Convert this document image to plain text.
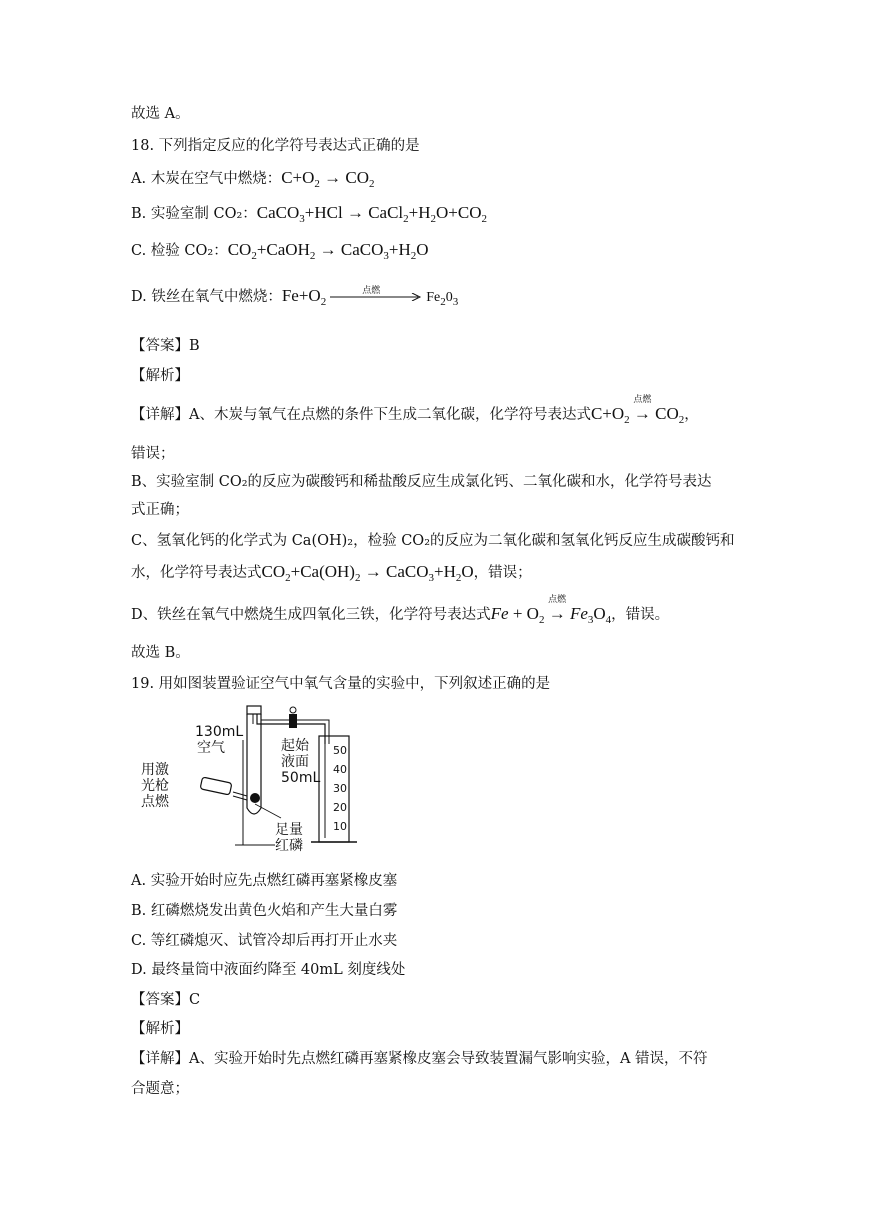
故选 A。
18. 下列指定反应的化学符号表达式正确的是
A. 木炭在空气中燃烧：$C+O_2 \to CO_2$
B. 实验室制 CO₂：CaCO$_3$+HCl → $CaCl_2+H_2O+CO_2$
C. 检验 CO₂：$CO_2+CaOH_2$ → $CaCO_3+H_2O$
D. 铁丝在氧气中燃烧：$Fe+O_2$
点燃	$Fe_20_3$
【答案】B
【解析】
【详解】A、木炭与氧气在点燃的条件下生成二氧化碳，化学符号表达式$C+O_2$ →
点燃
$CO_2$，
错误；
B、实验室制 CO₂的反应为碳酸钙和稀盐酸反应生成氯化钙、二氧化碳和水，化学符号表达
式正确；
C、氢氧化钙的化学式为 Ca(OH)₂，检验 CO₂的反应为二氧化碳和氢氧化钙反应生成碳酸钙和
水，化学符号表达式$CO_2+Ca(OH)_2$ → $CaCO_3+H_2O$，错误；
D、铁丝在氧气中燃烧生成四氧化三铁，化学符号表达式$Fe + O_2$ →
点燃
$Fe_3O_4$，错误。
故选 B。
19. 用如图装置验证空气中氧气含量的实验中，下列叙述正确的是
130mL
空气
用激
光枪
点燃
起始
液面
50mL
足量
红磷
50
40
30
20
10
A. 实验开始时应先点燃红磷再塞紧橡皮塞
B. 红磷燃烧发出黄色火焰和产生大量白雾
C. 等红磷熄灭、试管冷却后再打开止水夹
D. 最终量筒中液面约降至 40mL 刻度线处
【答案】C
【解析】
【详解】A、实验开始时先点燃红磷再塞紧橡皮塞会导致装置漏气影响实验，A 错误，不符
合题意；
